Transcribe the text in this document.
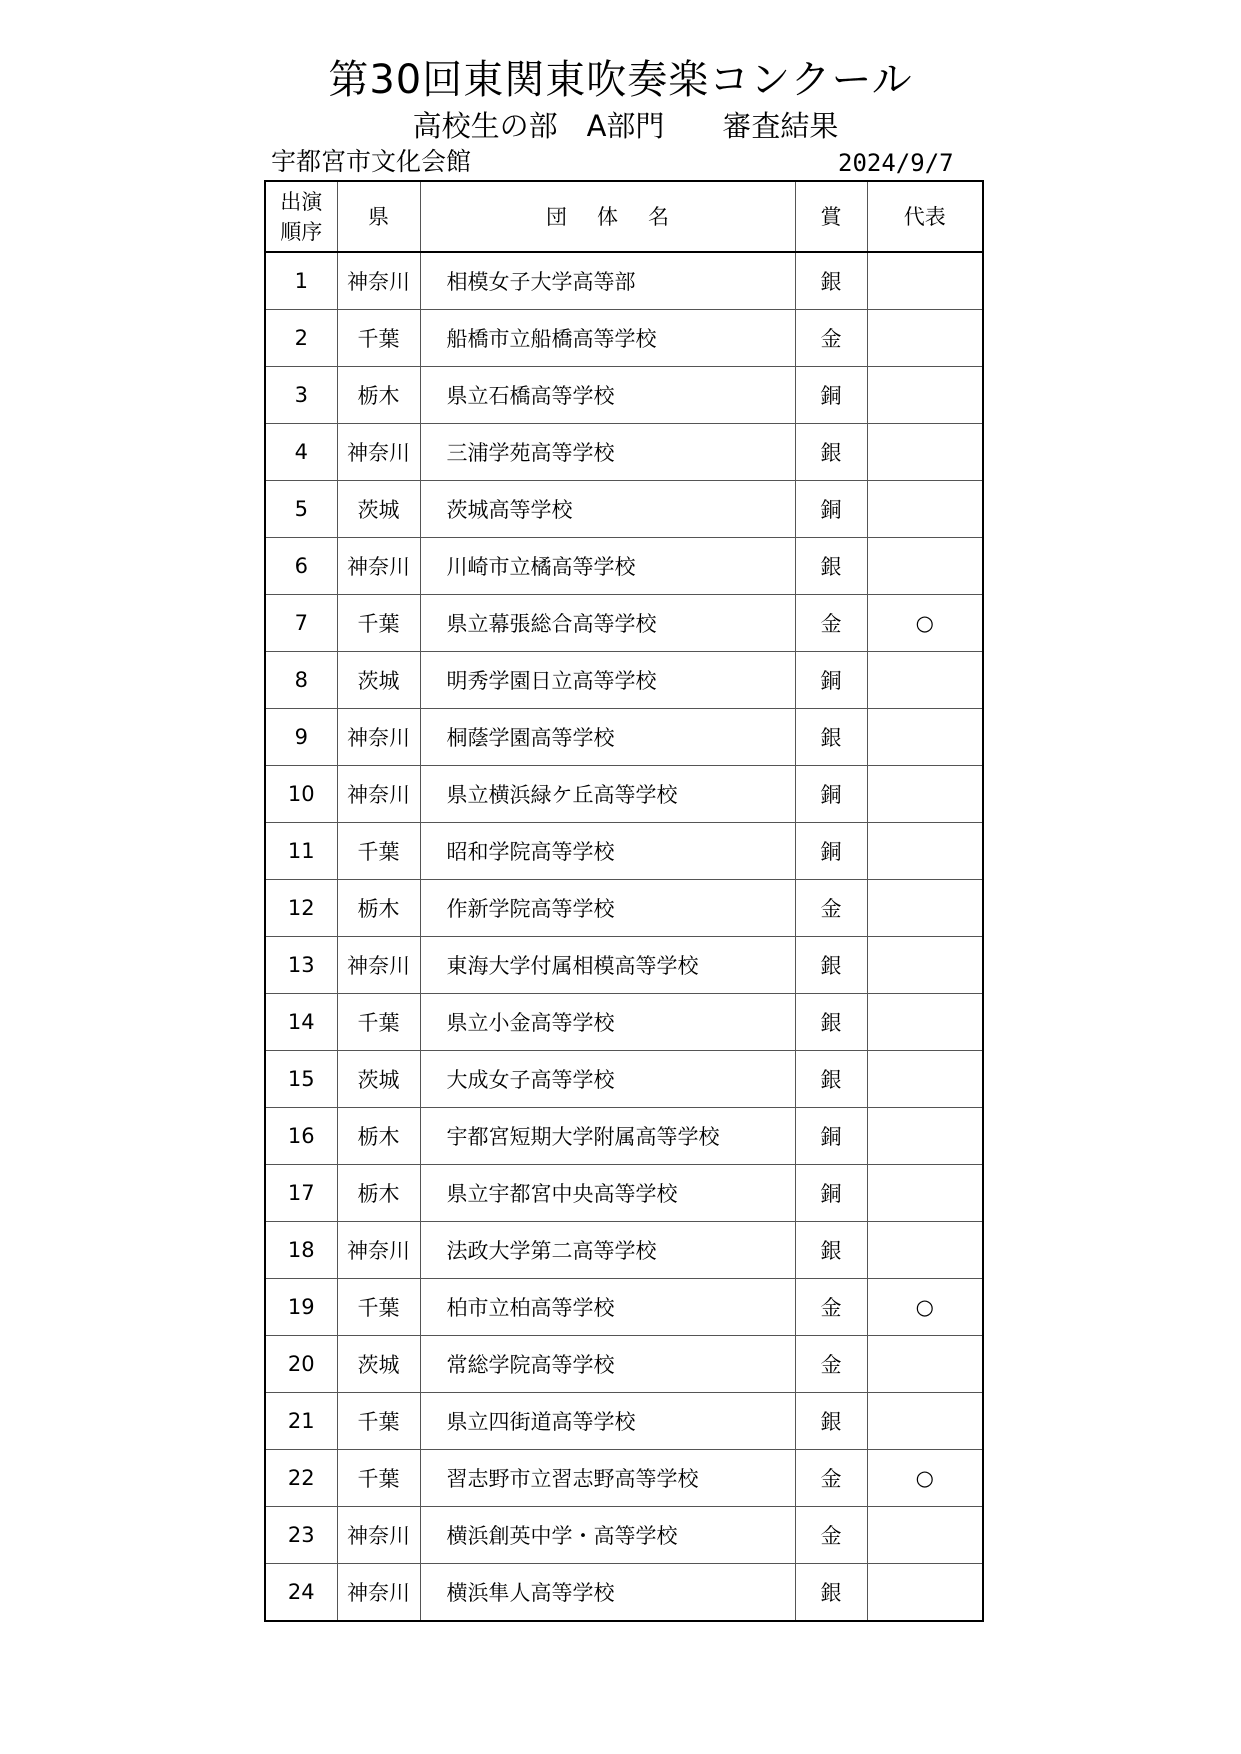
第30回東関東吹奏楽コンクール
高校生の部　A部門　　審査結果
宇都宮市文化会館	2024/9/7
出演
順序	県	団体名	賞	代表
1	神奈川	相模女子大学高等部	銀	
2	千葉	船橋市立船橋高等学校	金	
3	栃木	県立石橋高等学校	銅	
4	神奈川	三浦学苑高等学校	銀	
5	茨城	茨城高等学校	銅	
6	神奈川	川崎市立橘高等学校	銀	
7	千葉	県立幕張総合高等学校	金	○
8	茨城	明秀学園日立高等学校	銅	
9	神奈川	桐蔭学園高等学校	銀	
10	神奈川	県立横浜緑ケ丘高等学校	銅	
11	千葉	昭和学院高等学校	銅	
12	栃木	作新学院高等学校	金	
13	神奈川	東海大学付属相模高等学校	銀	
14	千葉	県立小金高等学校	銀	
15	茨城	大成女子高等学校	銀	
16	栃木	宇都宮短期大学附属高等学校	銅	
17	栃木	県立宇都宮中央高等学校	銅	
18	神奈川	法政大学第二高等学校	銀	
19	千葉	柏市立柏高等学校	金	○
20	茨城	常総学院高等学校	金	
21	千葉	県立四街道高等学校	銀	
22	千葉	習志野市立習志野高等学校	金	○
23	神奈川	横浜創英中学・高等学校	金	
24	神奈川	横浜隼人高等学校	銀	
